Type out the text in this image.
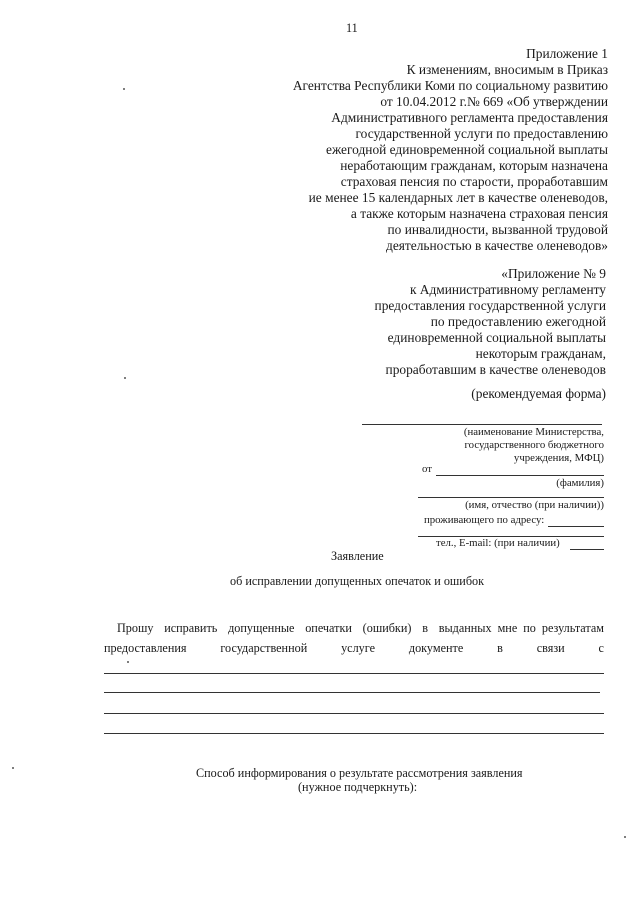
11
Приложение 1
К изменениям, вносимым в Приказ
Агентства Республики Коми по социальному развитию
от 10.04.2012 г.№ 669 «Об утверждении
Административного регламента предоставления
государственной услуги по предоставлению
ежегодной единовременной социальной выплаты
неработающим гражданам, которым назначена
страховая пенсия по старости, проработавшим
ие менее 15 календарных лет в качестве оленеводов,
а также которым назначена страховая пенсия
по инвалидности, вызванной трудовой
деятельностью в качестве оленеводов»
«Приложение № 9
к Административному регламенту
предоставления государственной услуги
по предоставлению ежегодной
единовременной социальной выплаты
некоторым гражданам,
проработавшим в качестве оленеводов
(рекомендуемая форма)
(наименование Министерства,
государственного бюджетного
учреждения, МФЦ)
от
(фамилия)
(имя, отчество (при наличии))
проживающего по адресу:
тел., E-mail: (при наличии)
Заявление
об исправлении допущенных опечаток и ошибок
Прошу исправить допущенные опечатки (ошибки) в выданных мне по результатам
предоставления	государственной	услуге	документе	в	связи	с
Способ информирования о результате рассмотрения заявления
(нужное подчеркнуть):
